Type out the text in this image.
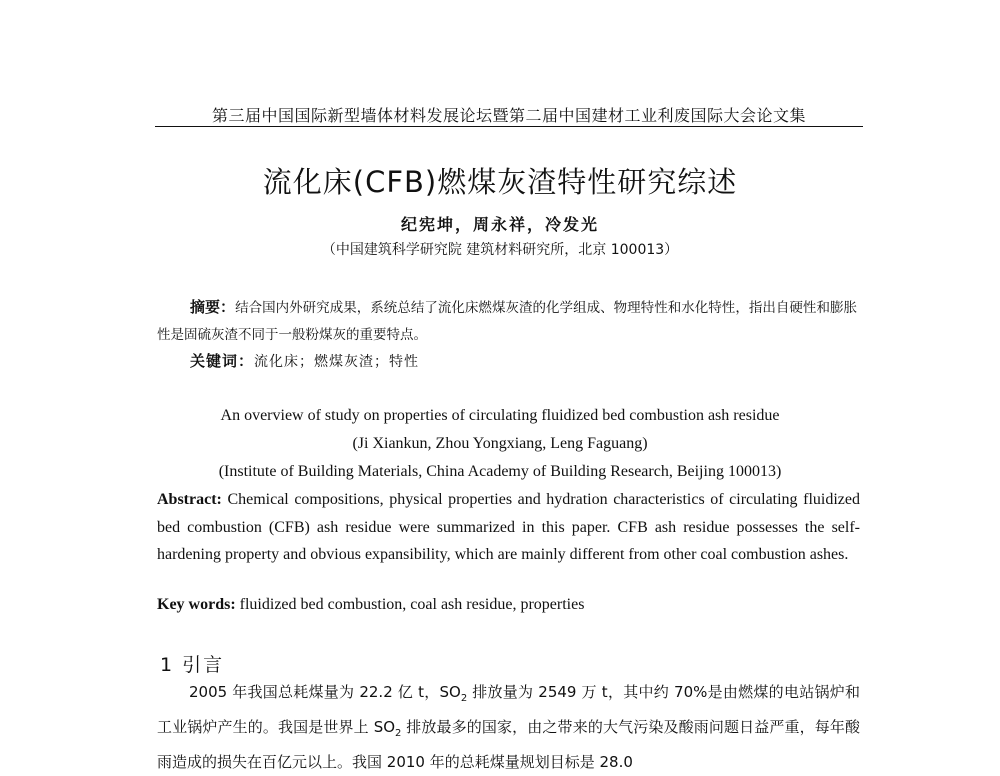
第三届中国国际新型墙体材料发展论坛暨第二届中国建材工业利废国际大会论文集
流化床(CFB)燃煤灰渣特性研究综述
纪宪坤，周永祥，冷发光
（中国建筑科学研究院 建筑材料研究所，北京 100013）
摘要：结合国内外研究成果，系统总结了流化床燃煤灰渣的化学组成、物理特性和水化特性，指出自硬性和膨胀性是固硫灰渣不同于一般粉煤灰的重要特点。
关键词：流化床；燃煤灰渣；特性
An overview of study on properties of circulating fluidized bed combustion ash residue
(Ji Xiankun, Zhou Yongxiang, Leng Faguang)
(Institute of Building Materials, China Academy of Building Research, Beijing 100013)
Abstract: Chemical compositions, physical properties and hydration characteristics of circulating fluidized bed combustion (CFB) ash residue were summarized in this paper. CFB ash residue possesses the self-hardening property and obvious expansibility, which are mainly different from other coal combustion ashes.
Key words: fluidized bed combustion, coal ash residue, properties
1 引言
2005 年我国总耗煤量为 22.2 亿 t，$SO_2$ 排放量为 2549 万 t，其中约 70%是由燃煤的电站锅炉和工业锅炉产生的。我国是世界上 $SO_2$ 排放最多的国家，由之带来的大气污染及酸雨问题日益严重，每年酸雨造成的损失在百亿元以上。我国 2010 年的总耗煤量规划目标是 28.0
